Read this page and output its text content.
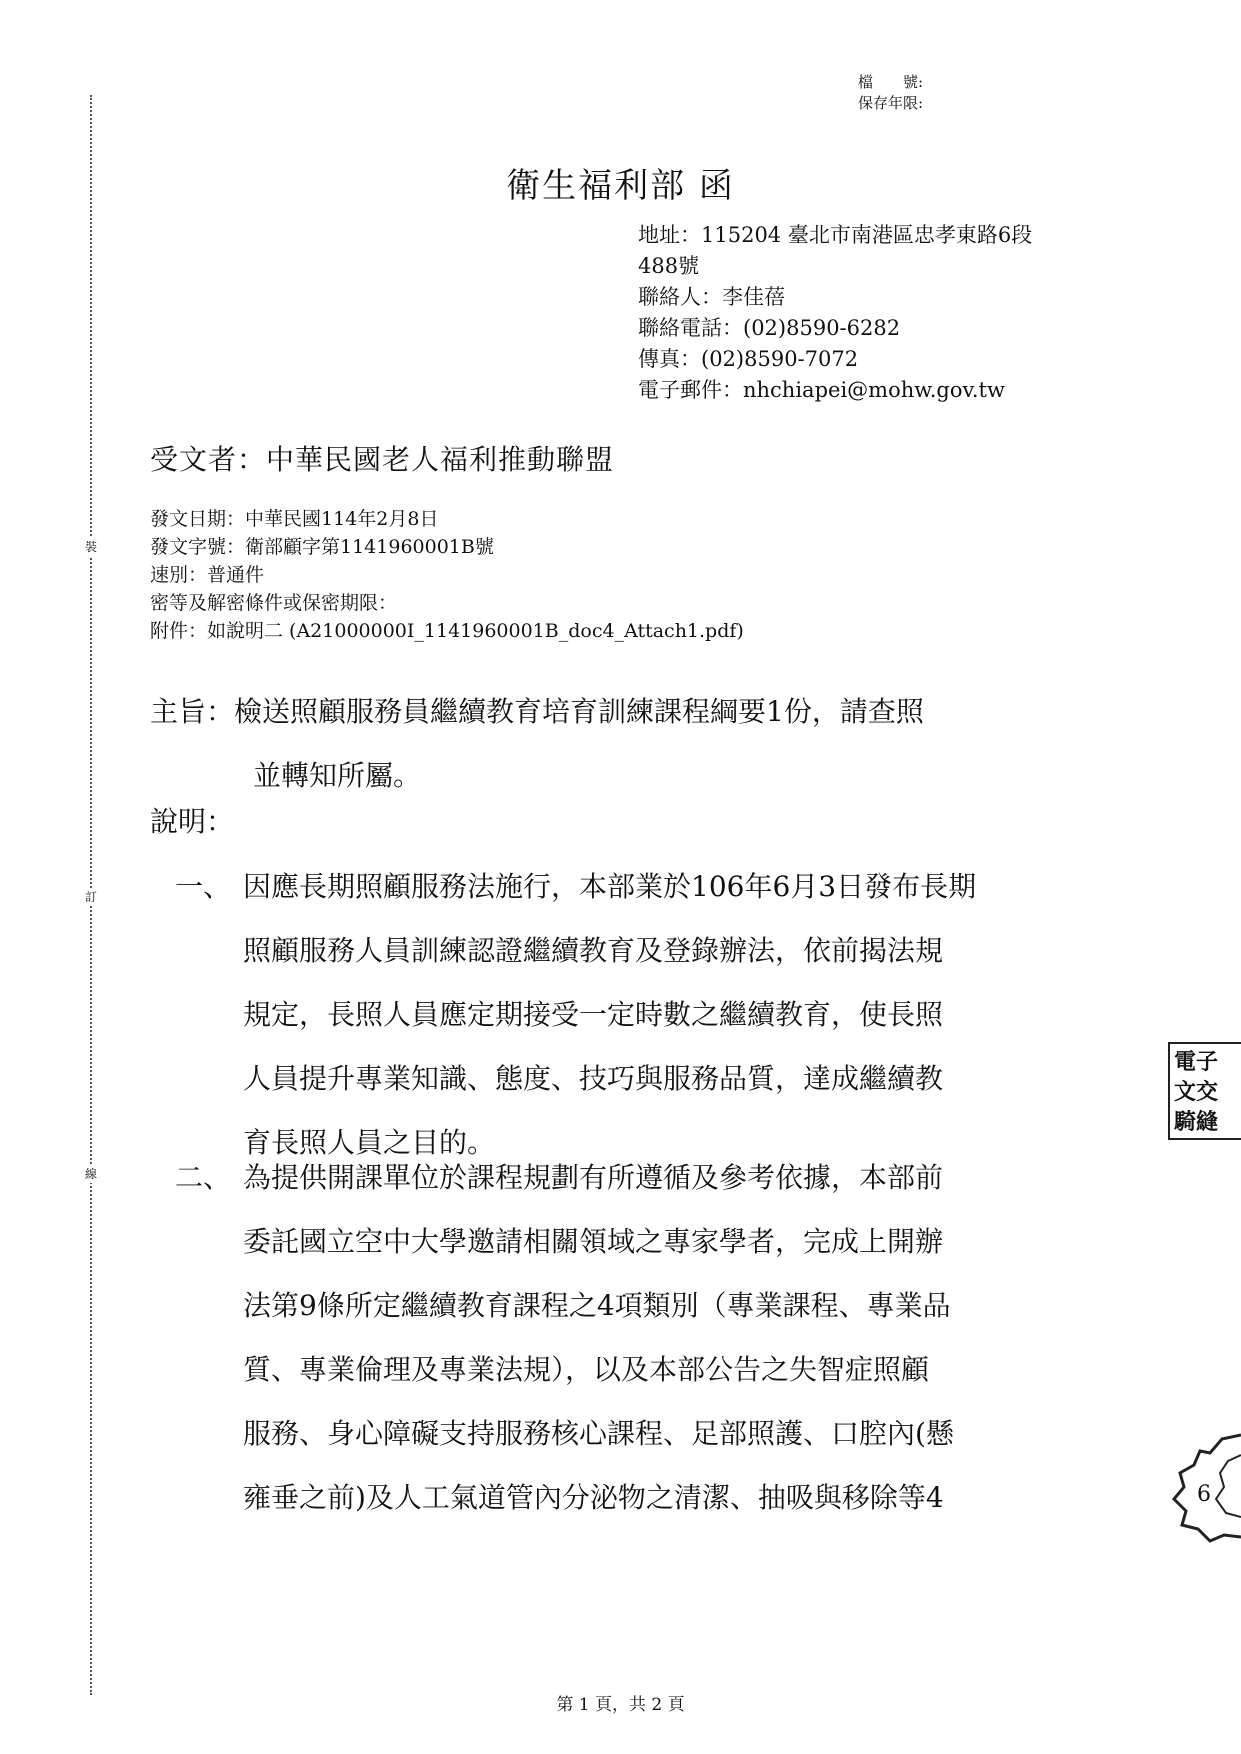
裝
訂
線
檔　　號:
保存年限:
衛生福利部 函
地址：115204 臺北市南港區忠孝東路6段
488號
聯絡人：李佳蓓
聯絡電話：(02)8590-6282
傳真：(02)8590-7072
電子郵件：nhchiapei@mohw.gov.tw
受文者：中華民國老人福利推動聯盟
發文日期：中華民國114年2月8日
發文字號：衛部顧字第1141960001B號
速別：普通件
密等及解密條件或保密期限：
附件：如說明二 (A21000000I_1141960001B_doc4_Attach1.pdf)
主旨：檢送照顧服務員繼續教育培育訓練課程綱要1份，請查照
並轉知所屬。
說明：
一、 因應長期照顧服務法施行，本部業於106年6月3日發布長期
照顧服務人員訓練認證繼續教育及登錄辦法，依前揭法規
規定，長照人員應定期接受一定時數之繼續教育，使長照
人員提升專業知識、態度、技巧與服務品質，達成繼續教
育長照人員之目的。
二、 為提供開課單位於課程規劃有所遵循及參考依據，本部前
委託國立空中大學邀請相關領域之專家學者，完成上開辦
法第9條所定繼續教育課程之4項類別（專業課程、專業品
質、專業倫理及專業法規），以及本部公告之失智症照顧
服務、身心障礙支持服務核心課程、足部照護、口腔內(懸
雍垂之前)及人工氣道管內分泌物之清潔、抽吸與移除等4
電子
文交
騎縫
6
第 1 頁，共 2 頁
